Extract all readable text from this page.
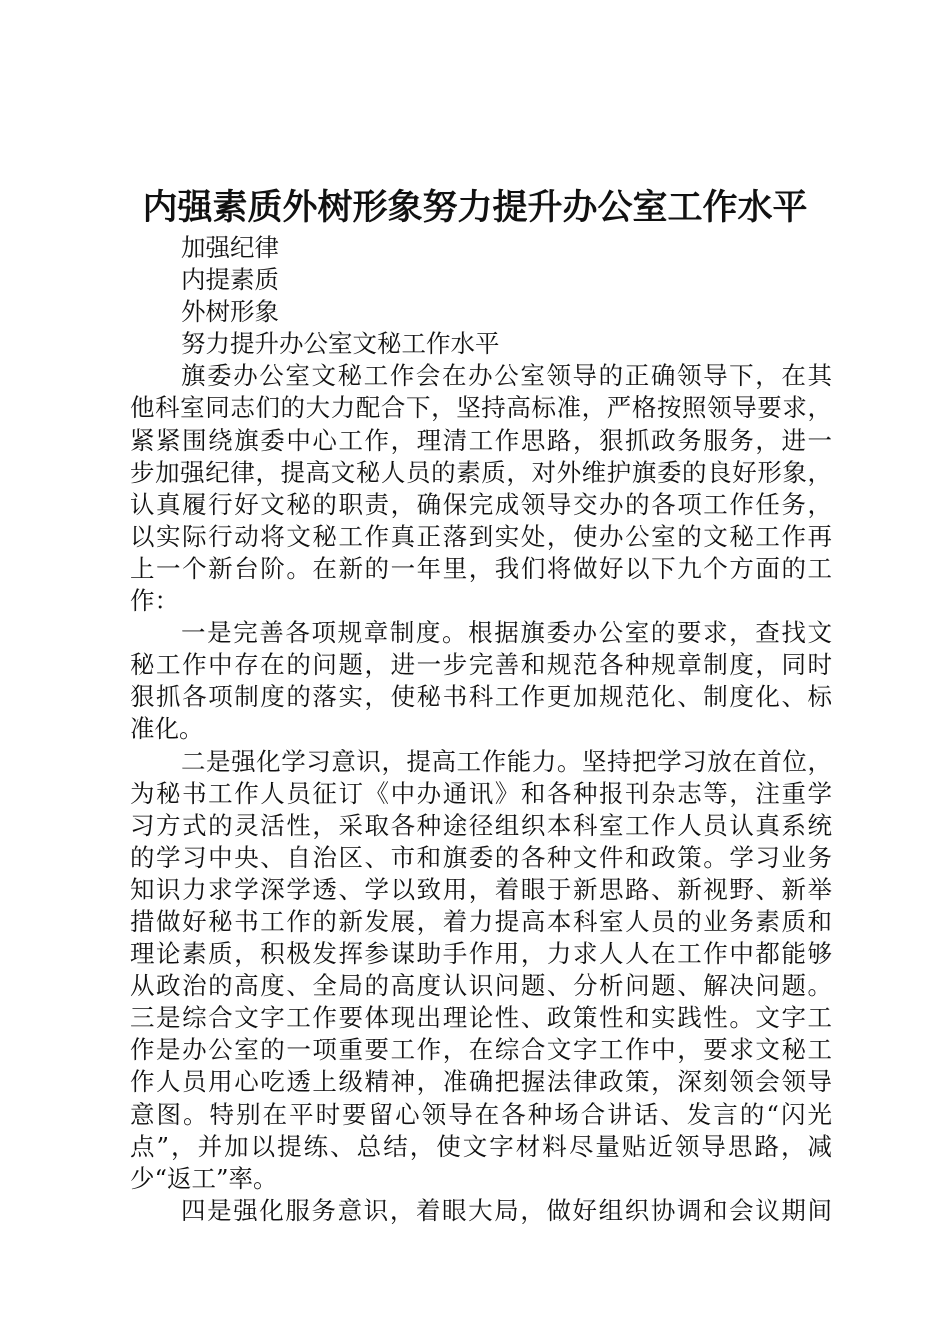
内强素质外树形象努力提升办公室工作水平
加强纪律
内提素质
外树形象
努力提升办公室文秘工作水平
旗委办公室文秘工作会在办公室领导的正确领导下，在其
他科室同志们的大力配合下，坚持高标准，严格按照领导要求，
紧紧围绕旗委中心工作，理清工作思路，狠抓政务服务，进一
步加强纪律，提高文秘人员的素质，对外维护旗委的良好形象，
认真履行好文秘的职责，确保完成领导交办的各项工作任务，
以实际行动将文秘工作真正落到实处，使办公室的文秘工作再
上一个新台阶。在新的一年里，我们将做好以下九个方面的工
作：
一是完善各项规章制度。根据旗委办公室的要求，查找文
秘工作中存在的问题，进一步完善和规范各种规章制度，同时
狠抓各项制度的落实，使秘书科工作更加规范化、制度化、标
准化。
二是强化学习意识，提高工作能力。坚持把学习放在首位，
为秘书工作人员征订《中办通讯》和各种报刊杂志等，注重学
习方式的灵活性，采取各种途径组织本科室工作人员认真系统
的学习中央、自治区、市和旗委的各种文件和政策。学习业务
知识力求学深学透、学以致用，着眼于新思路、新视野、新举
措做好秘书工作的新发展，着力提高本科室人员的业务素质和
理论素质，积极发挥参谋助手作用，力求人人在工作中都能够
从政治的高度、全局的高度认识问题、分析问题、解决问题。
三是综合文字工作要体现出理论性、政策性和实践性。文字工
作是办公室的一项重要工作，在综合文字工作中，要求文秘工
作人员用心吃透上级精神，准确把握法律政策，深刻领会领导
意图。特别在平时要留心领导在各种场合讲话、发言的“闪光
点”，并加以提练、总结，使文字材料尽量贴近领导思路，减
少“返工”率。
四是强化服务意识，着眼大局，做好组织协调和会议期间
